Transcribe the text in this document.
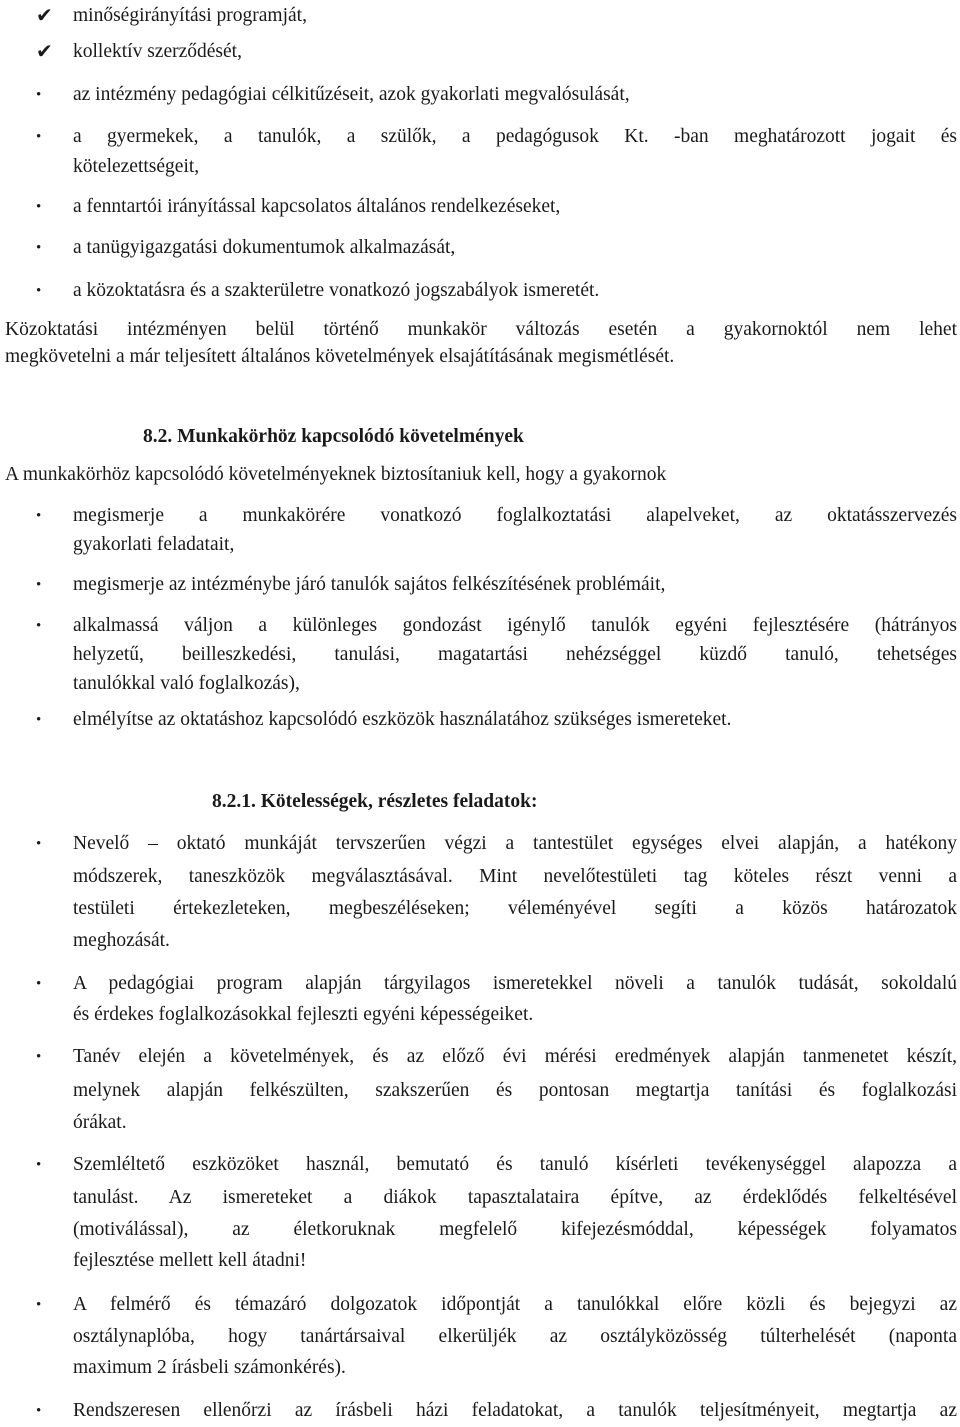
✔ minőségirányítási programját,
✔ kollektív szerződését,
• az intézmény pedagógiai célkitűzéseit, azok gyakorlati megvalósulását,
• a gyermekek, a tanulók, a szülők, a pedagógusok Kt. -ban meghatározott jogait és
kötelezettségeit,
• a fenntartói irányítással kapcsolatos általános rendelkezéseket,
• a tanügyigazgatási dokumentumok alkalmazását,
• a közoktatásra és a szakterületre vonatkozó jogszabályok ismeretét.
Közoktatási intézményen belül történő munkakör változás esetén a gyakornoktól nem lehet
megkövetelni a már teljesített általános követelmények elsajátításának megismétlését.
8.2. Munkakörhöz kapcsolódó követelmények
A munkakörhöz kapcsolódó követelményeknek biztosítaniuk kell, hogy a gyakornok
• megismerje a munkakörére vonatkozó foglalkoztatási alapelveket, az oktatásszervezés
gyakorlati feladatait,
• megismerje az intézménybe járó tanulók sajátos felkészítésének problémáit,
• alkalmassá váljon a különleges gondozást igénylő tanulók egyéni fejlesztésére (hátrányos
helyzetű, beilleszkedési, tanulási, magatartási nehézséggel küzdő tanuló, tehetséges
tanulókkal való foglalkozás),
• elmélyítse az oktatáshoz kapcsolódó eszközök használatához szükséges ismereteket.
8.2.1. Kötelességek, részletes feladatok:
• Nevelő – oktató munkáját tervszerűen végzi a tantestület egységes elvei alapján, a hatékony
módszerek, taneszközök megválasztásával. Mint nevelőtestületi tag köteles részt venni a
testületi értekezleteken, megbeszéléseken; véleményével segíti a közös határozatok
meghozását.
• A pedagógiai program alapján tárgyilagos ismeretekkel növeli a tanulók tudását, sokoldalú
és érdekes foglalkozásokkal fejleszti egyéni képességeiket.
• Tanév elején a követelmények, és az előző évi mérési eredmények alapján tanmenetet készít,
melynek alapján felkészülten, szakszerűen és pontosan megtartja tanítási és foglalkozási
órákat.
• Szemléltető eszközöket használ, bemutató és tanuló kísérleti tevékenységgel alapozza a
tanulást. Az ismereteket a diákok tapasztalataira építve, az érdeklődés felkeltésével
(motiválással), az életkoruknak megfelelő kifejezésmóddal, képességek folyamatos
fejlesztése mellett kell átadni!
• A felmérő és témazáró dolgozatok időpontját a tanulókkal előre közli és bejegyzi az
osztálynaplóba, hogy tanártársaival elkerüljék az osztályközösség túlterhelését (naponta
maximum 2 írásbeli számonkérés).
• Rendszeresen ellenőrzi az írásbeli házi feladatokat, a tanulók teljesítményeit, megtartja az
